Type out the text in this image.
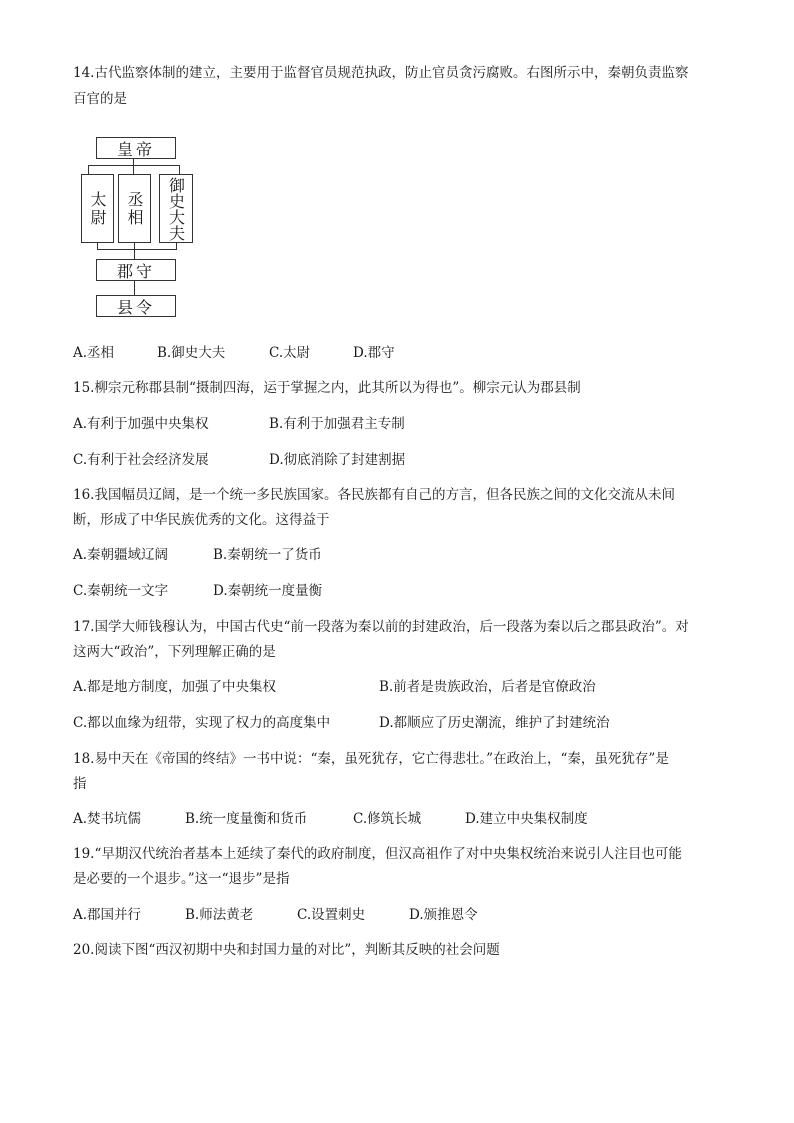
14.古代监察体制的建立，主要用于监督官员规范执政，防止官员贪污腐败。右图所示中，秦朝负责监察
百官的是
皇帝
太尉	丞相	御史大夫
郡守
县令
A.丞相	B.御史大夫	C.太尉	D.郡守
15.柳宗元称郡县制“摄制四海，运于掌握之内，此其所以为得也”。柳宗元认为郡县制
A.有利于加强中央集权	B.有利于加强君主专制
C.有利于社会经济发展	D.彻底消除了封建割据
16.我国幅员辽阔，是一个统一多民族国家。各民族都有自己的方言，但各民族之间的文化交流从未间
断，形成了中华民族优秀的文化。这得益于
A.秦朝疆域辽阔	B.秦朝统一了货币
C.秦朝统一文字	D.秦朝统一度量衡
17.国学大师钱穆认为，中国古代史“前一段落为秦以前的封建政治，后一段落为秦以后之郡县政治”。对
这两大“政治”，下列理解正确的是
A.都是地方制度，加强了中央集权	B.前者是贵族政治，后者是官僚政治
C.都以血缘为纽带，实现了权力的高度集中	D.都顺应了历史潮流，维护了封建统治
18.易中天在《帝国的终结》一书中说：“秦，虽死犹存，它亡得悲壮。”在政治上，“秦，虽死犹存”是
指
A.焚书坑儒	B.统一度量衡和货币	C.修筑长城	D.建立中央集权制度
19.“早期汉代统治者基本上延续了秦代的政府制度，但汉高祖作了对中央集权统治来说引人注目也可能
是必要的一个退步。”这一“退步”是指
A.郡国并行	B.师法黄老	C.设置刺史	D.颁推恩令
20.阅读下图“西汉初期中央和封国力量的对比”，判断其反映的社会问题
